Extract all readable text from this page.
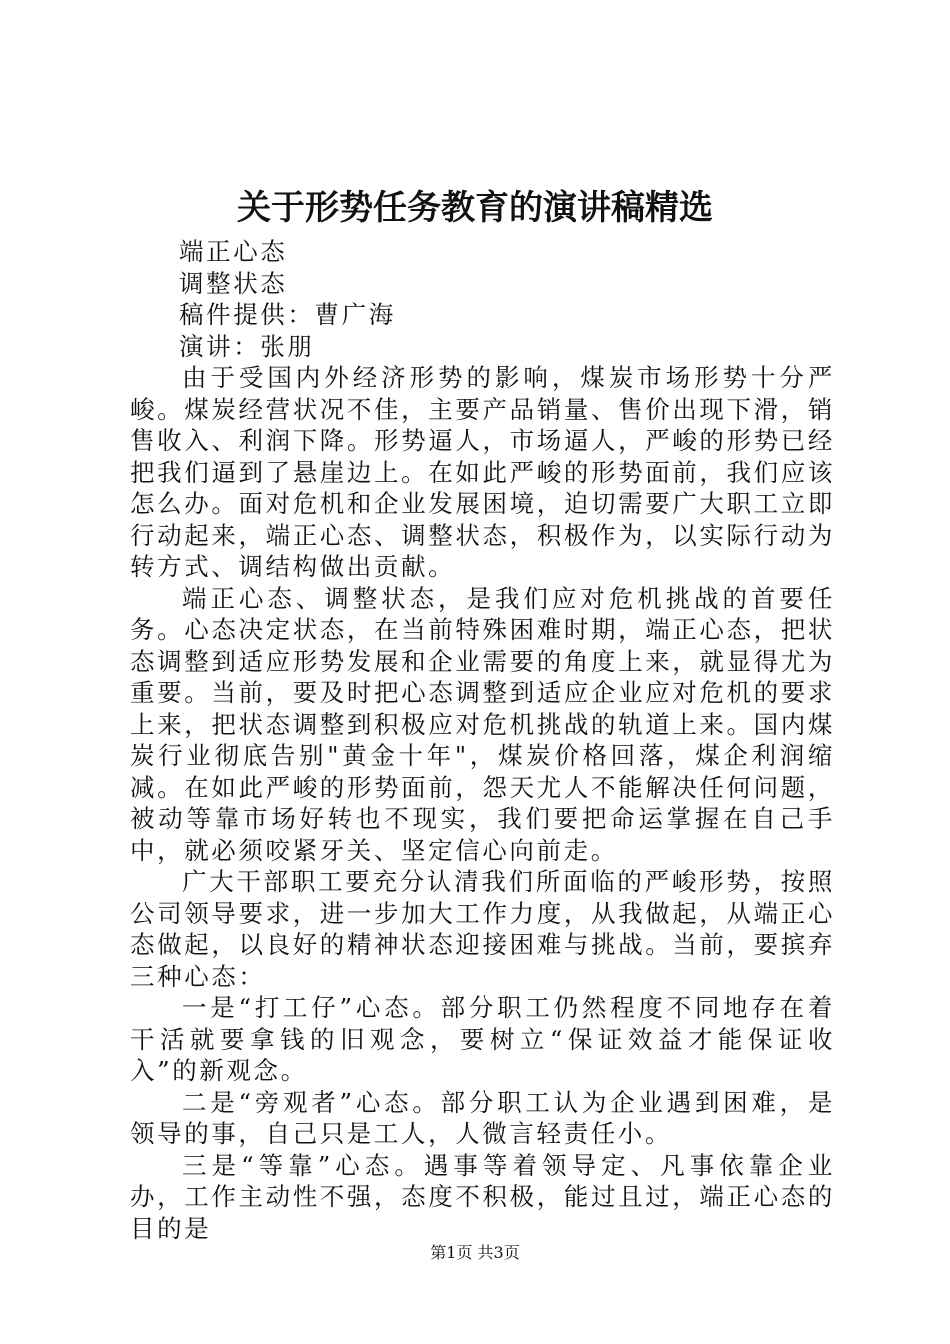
关于形势任务教育的演讲稿精选

端正心态

调整状态

稿件提供：曹广海

演讲：张朋

由于受国内外经济形势的影响，煤炭市场形势十分严峻。煤炭经营状况不佳，主要产品销量、售价出现下滑，销售收入、利润下降。形势逼人，市场逼人，严峻的形势已经把我们逼到了悬崖边上。在如此严峻的形势面前，我们应该怎么办。面对危机和企业发展困境，迫切需要广大职工立即行动起来，端正心态、调整状态，积极作为，以实际行动为转方式、调结构做出贡献。

端正心态、调整状态，是我们应对危机挑战的首要任务。心态决定状态，在当前特殊困难时期，端正心态，把状态调整到适应形势发展和企业需要的角度上来，就显得尤为重要。当前，要及时把心态调整到适应企业应对危机的要求上来，把状态调整到积极应对危机挑战的轨道上来。国内煤炭行业彻底告别"黄金十年"，煤炭价格回落，煤企利润缩减。在如此严峻的形势面前，怨天尤人不能解决任何问题，被动等靠市场好转也不现实，我们要把命运掌握在自己手中，就必须咬紧牙关、坚定信心向前走。

广大干部职工要充分认清我们所面临的严峻形势，按照公司领导要求，进一步加大工作力度，从我做起，从端正心态做起，以良好的精神状态迎接困难与挑战。当前，要摈弃三种心态：

一是“打工仔”心态。部分职工仍然程度不同地存在着干活就要拿钱的旧观念，要树立“保证效益才能保证收入”的新观念。

二是“旁观者”心态。部分职工认为企业遇到困难，是领导的事，自己只是工人，人微言轻责任小。

三是“等靠”心态。遇事等着领导定、凡事依靠企业办，工作主动性不强，态度不积极，能过且过，端正心态的目的是

第1页 共3页
